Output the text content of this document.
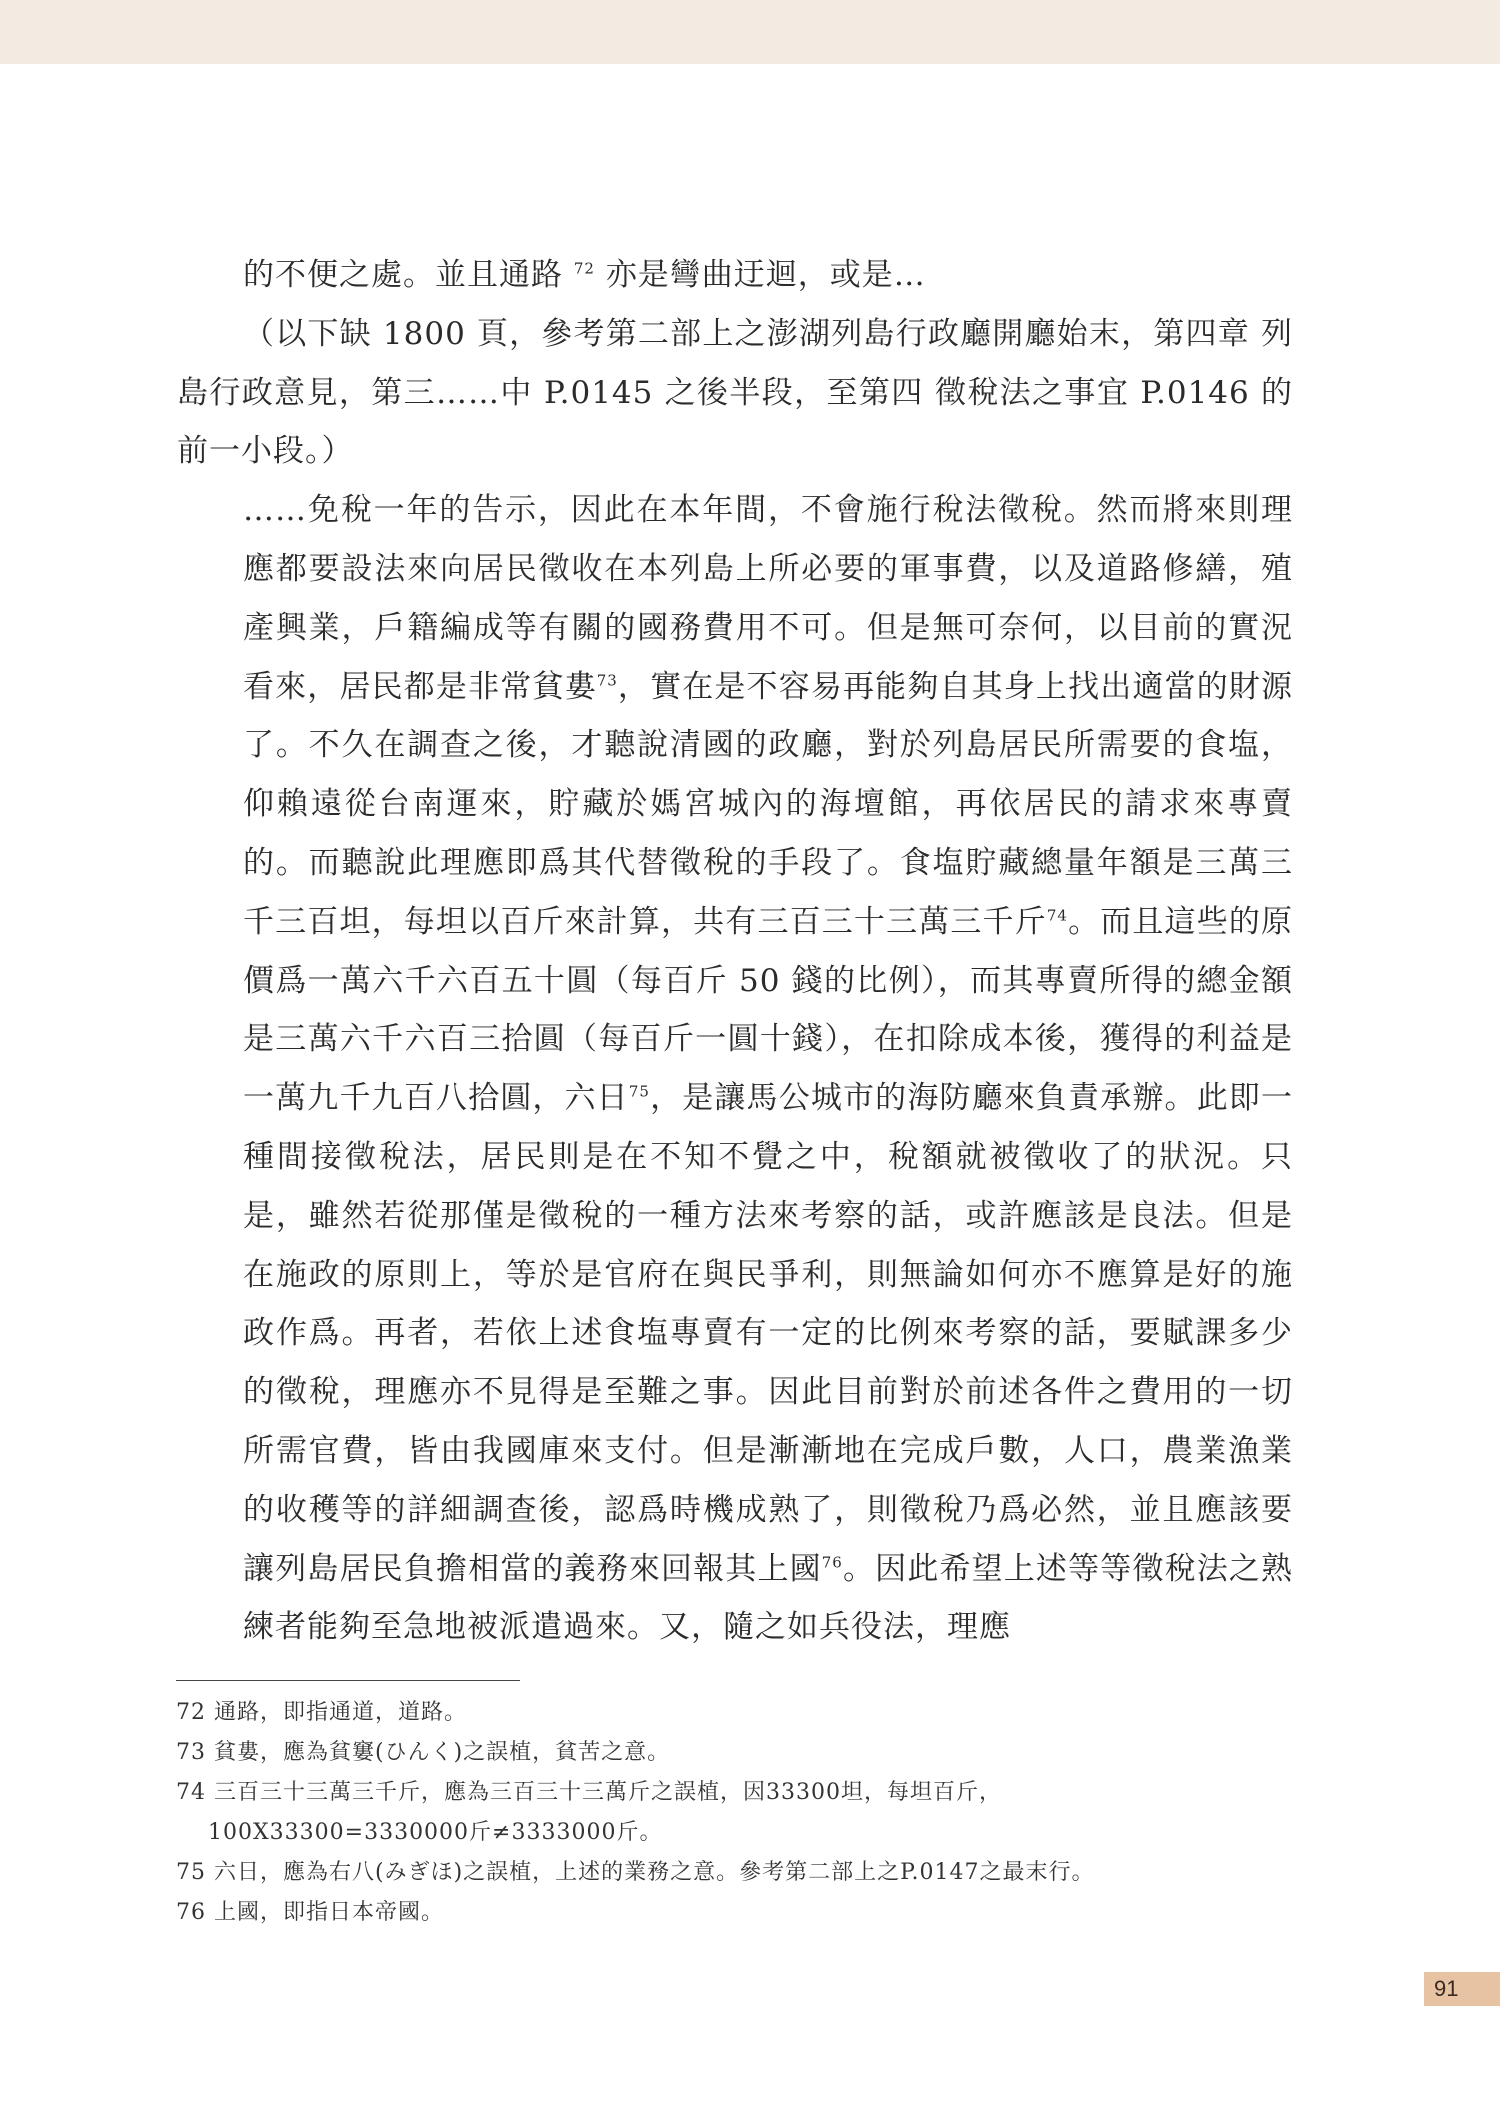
的不便之處。並且通路 $^{72}$ 亦是彎曲迂迴，或是…

（以下缺 1800 頁，參考第二部上之澎湖列島行政廳開廳始末，第四章 列島行政意見，第三……中 P.0145 之後半段，至第四 徵稅法之事宜 P.0146 的前一小段。）

……免稅一年的告示，因此在本年間，不會施行稅法徵稅。然而將來則理應都要設法來向居民徵收在本列島上所必要的軍事費，以及道路修繕，殖產興業，戶籍編成等有關的國務費用不可。但是無可奈何，以目前的實況看來，居民都是非常貧婁$^{73}$，實在是不容易再能夠自其身上找出適當的財源了。不久在調查之後，才聽說清國的政廳，對於列島居民所需要的食塩，仰賴遠從台南運來，貯藏於媽宮城內的海壇館，再依居民的請求來專賣的。而聽說此理應即爲其代替徵稅的手段了。食塩貯藏總量年額是三萬三千三百坦，每坦以百斤來計算，共有三百三十三萬三千斤$^{74}$。而且這些的原價爲一萬六千六百五十圓（每百斤 50 錢的比例），而其專賣所得的總金額是三萬六千六百三拾圓（每百斤一圓十錢），在扣除成本後，獲得的利益是一萬九千九百八拾圓，六日$^{75}$，是讓馬公城市的海防廳來負責承辦。此即一種間接徵稅法，居民則是在不知不覺之中，稅額就被徵收了的狀況。只是，雖然若從那僅是徵稅的一種方法來考察的話，或許應該是良法。但是在施政的原則上，等於是官府在與民爭利，則無論如何亦不應算是好的施政作爲。再者，若依上述食塩專賣有一定的比例來考察的話，要賦課多少的徵稅，理應亦不見得是至難之事。因此目前對於前述各件之費用的一切所需官費，皆由我國庫來支付。但是漸漸地在完成戶數，人口，農業漁業的收穫等的詳細調查後，認爲時機成熟了，則徵稅乃爲必然，並且應該要讓列島居民負擔相當的義務來回報其上國$^{76}$。因此希望上述等等徵稅法之熟練者能夠至急地被派遣過來。又，隨之如兵役法，理應

72 通路，即指通道，道路。
73 貧婁，應為貧窶(ひんく)之誤植，貧苦之意。
74 三百三十三萬三千斤，應為三百三十三萬斤之誤植，因33300坦，每坦百斤，
100X33300=3330000斤≠3333000斤。
75 六日，應為右八(みぎほ)之誤植，上述的業務之意。參考第二部上之P.0147之最末行。
76 上國，即指日本帝國。
91
